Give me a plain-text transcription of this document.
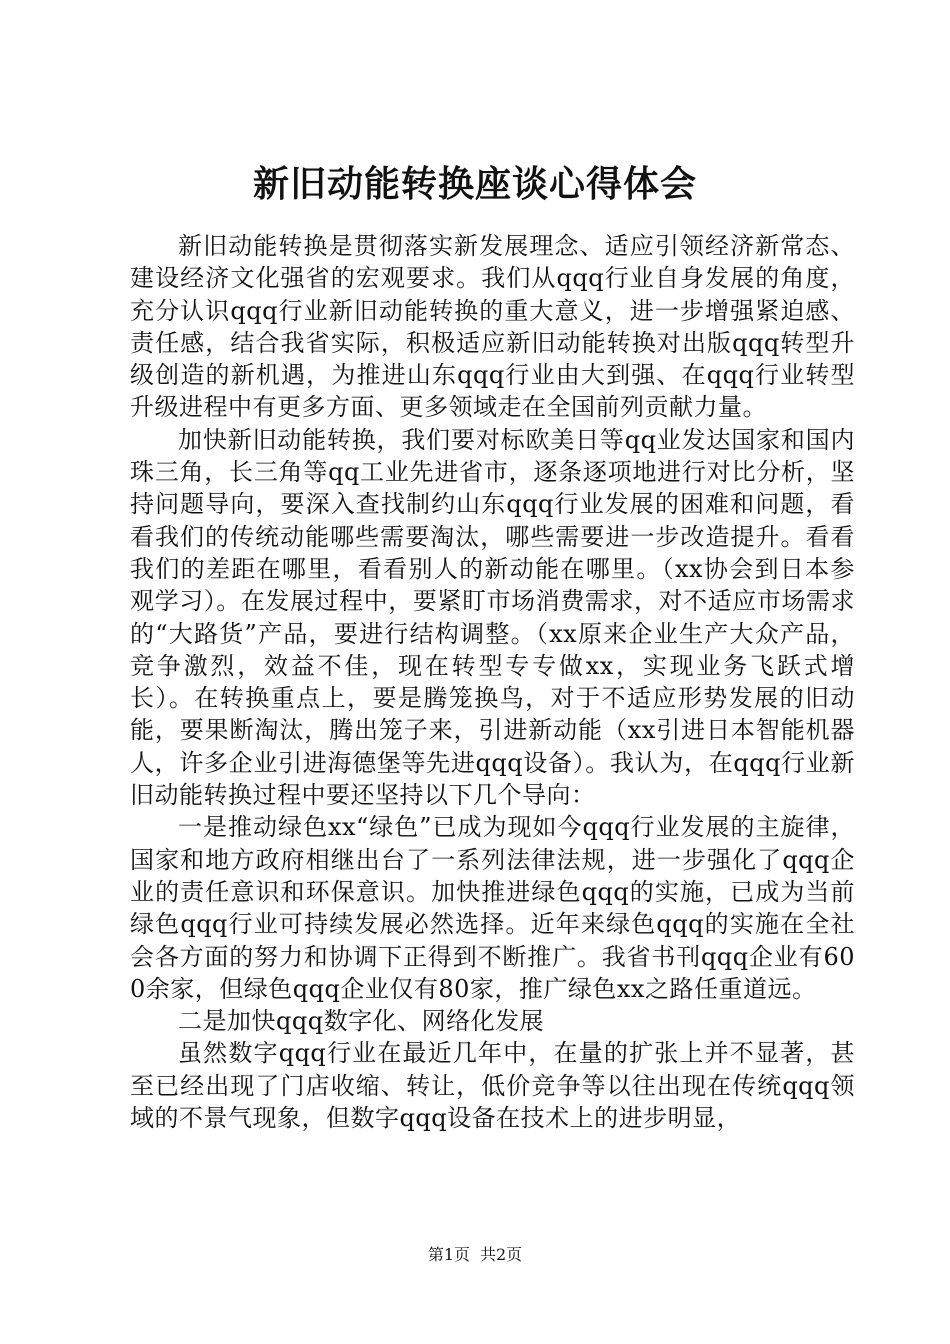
新旧动能转换座谈心得体会

新旧动能转换是贯彻落实新发展理念、适应引领经济新常态、建设经济文化强省的宏观要求。我们从qqq行业自身发展的角度，充分认识qqq行业新旧动能转换的重大意义，进一步增强紧迫感、责任感，结合我省实际，积极适应新旧动能转换对出版qqq转型升级创造的新机遇，为推进山东qqq行业由大到强、在qqq行业转型升级进程中有更多方面、更多领域走在全国前列贡献力量。

加快新旧动能转换，我们要对标欧美日等qq业发达国家和国内珠三角，长三角等qq工业先进省市，逐条逐项地进行对比分析，坚持问题导向，要深入查找制约山东qqq行业发展的困难和问题，看看我们的传统动能哪些需要淘汰，哪些需要进一步改造提升。看看我们的差距在哪里，看看别人的新动能在哪里。（xx协会到日本参观学习）。在发展过程中，要紧盯市场消费需求，对不适应市场需求的“大路货”产品，要进行结构调整。（xx原来企业生产大众产品，竞争激烈，效益不佳，现在转型专专做xx，实现业务飞跃式增长）。在转换重点上，要是腾笼换鸟，对于不适应形势发展的旧动能，要果断淘汰，腾出笼子来，引进新动能（xx引进日本智能机器人，许多企业引进海德堡等先进qqq设备）。我认为，在qqq行业新旧动能转换过程中要还坚持以下几个导向：

一是推动绿色xx“绿色”已成为现如今qqq行业发展的主旋律，国家和地方政府相继出台了一系列法律法规，进一步强化了qqq企业的责任意识和环保意识。加快推进绿色qqq的实施，已成为当前绿色qqq行业可持续发展必然选择。近年来绿色qqq的实施在全社会各方面的努力和协调下正得到不断推广。我省书刊qqq企业有600余家，但绿色qqq企业仅有80家，推广绿色xx之路任重道远。

二是加快qqq数字化、网络化发展

虽然数字qqq行业在最近几年中，在量的扩张上并不显著，甚至已经出现了门店收缩、转让，低价竞争等以往出现在传统qqq领域的不景气现象，但数字qqq设备在技术上的进步明显，

第1页 共2页
